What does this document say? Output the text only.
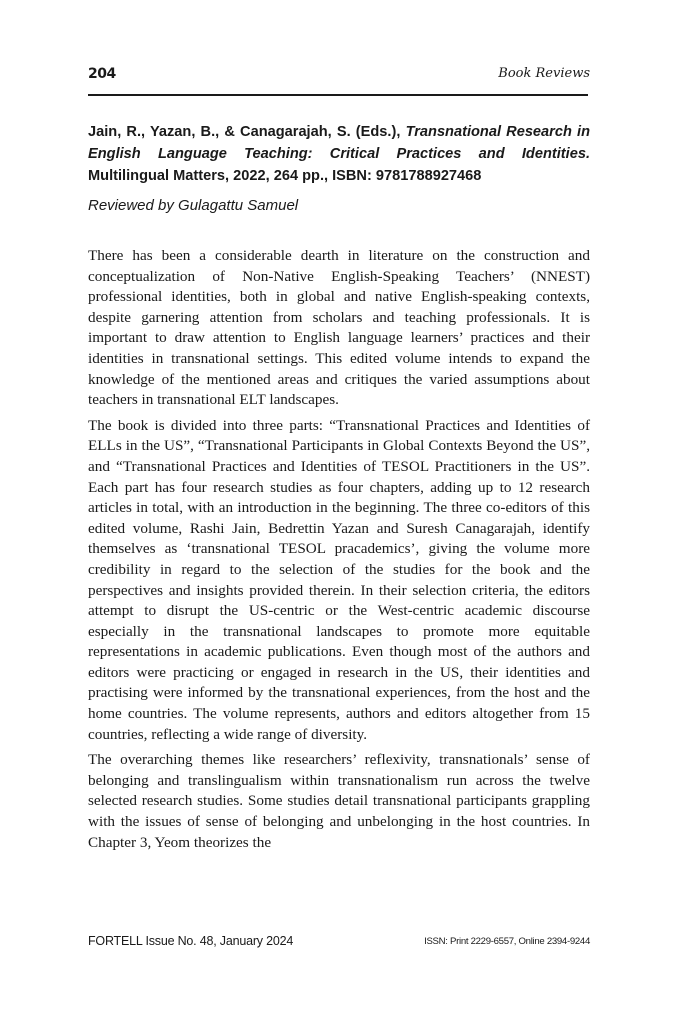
204	Book Reviews
Jain, R., Yazan, B., & Canagarajah, S. (Eds.), Transnational Research in English Language Teaching: Critical Practices and Identities. Multilingual Matters, 2022, 264 pp., ISBN: 9781788927468
Reviewed by Gulagattu Samuel

There has been a considerable dearth in literature on the construction and conceptualization of Non-Native English-Speaking Teachers’ (NNEST) professional identities, both in global and native English-speaking contexts, despite garnering attention from scholars and teaching professionals. It is important to draw attention to English language learners’ practices and their identities in transnational settings. This edited volume intends to expand the knowledge of the mentioned areas and critiques the varied assumptions about teachers in transnational ELT landscapes.

The book is divided into three parts: “Transnational Practices and Identities of ELLs in the US”, “Transnational Participants in Global Contexts Beyond the US”, and “Transnational Practices and Identities of TESOL Practitioners in the US”. Each part has four research studies as four chapters, adding up to 12 research articles in total, with an introduction in the beginning. The three co-editors of this edited volume, Rashi Jain, Bedrettin Yazan and Suresh Canagarajah, identify themselves as ‘transnational TESOL pracademics’, giving the volume more credibility in regard to the selection of the studies for the book and the perspectives and insights provided therein. In their selection criteria, the editors attempt to disrupt the US-centric or the West-centric academic discourse especially in the transnational landscapes to promote more equitable representations in academic publications. Even though most of the authors and editors were practicing or engaged in research in the US, their identities and practising were informed by the transnational experiences, from the host and the home countries. The volume represents, authors and editors altogether from 15 countries, reflecting a wide range of diversity.

The overarching themes like researchers’ reflexivity, transnationals’ sense of belonging and translingualism within transnationalism run across the twelve selected research studies. Some studies detail transnational participants grappling with the issues of sense of belonging and unbelonging in the host countries. In Chapter 3, Yeom theorizes the

FORTELL Issue No. 48, January 2024	ISSN: Print 2229-6557, Online 2394-9244
